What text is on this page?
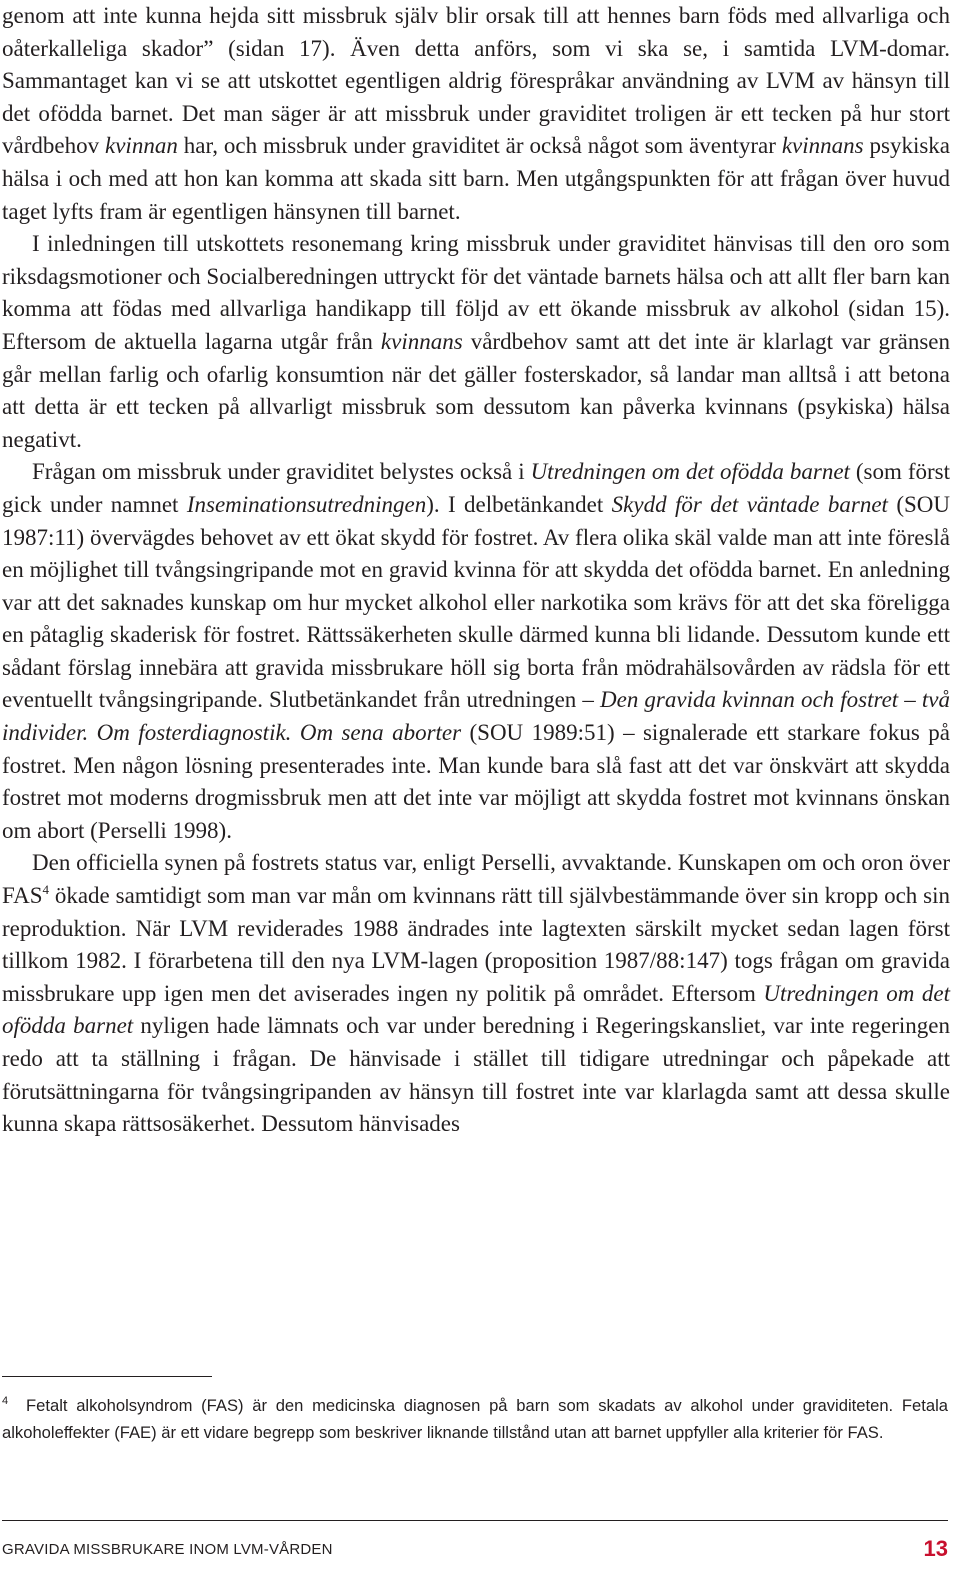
genom att inte kunna hejda sitt missbruk själv blir orsak till att hennes barn föds med allvarliga och oåterkalleliga skador” (sidan 17). Även detta anförs, som vi ska se, i samtida LVM-domar. Sammantaget kan vi se att utskottet egentligen aldrig förespråkar användning av LVM av hänsyn till det ofödda barnet. Det man säger är att missbruk under graviditet troligen är ett tecken på hur stort vårdbehov kvinnan har, och missbruk under graviditet är också något som äventyrar kvinnans psykiska hälsa i och med att hon kan komma att skada sitt barn. Men utgångspunkten för att frågan över huvud taget lyfts fram är egentligen hänsynen till barnet.

I inledningen till utskottets resonemang kring missbruk under graviditet hänvisas till den oro som riksdagsmotioner och Socialberedningen uttryckt för det väntade barnets hälsa och att allt fler barn kan komma att födas med allvarliga handikapp till följd av ett ökande missbruk av alkohol (sidan 15). Eftersom de aktuella lagarna utgår från kvinnans vårdbehov samt att det inte är klarlagt var gränsen går mellan farlig och ofarlig konsumtion när det gäller fosterskador, så landar man alltså i att betona att detta är ett tecken på allvarligt missbruk som dessutom kan påverka kvinnans (psykiska) hälsa negativt.

Frågan om missbruk under graviditet belystes också i Utredningen om det ofödda barnet (som först gick under namnet Inseminationsutredningen). I delbetänkandet Skydd för det väntade barnet (SOU 1987:11) övervägdes behovet av ett ökat skydd för fostret. Av flera olika skäl valde man att inte föreslå en möjlighet till tvångsingripande mot en gravid kvinna för att skydda det ofödda barnet. En anledning var att det saknades kunskap om hur mycket alkohol eller narkotika som krävs för att det ska föreligga en påtaglig skaderisk för fostret. Rättssäkerheten skulle därmed kunna bli lidande. Dessutom kunde ett sådant förslag innebära att gravida missbrukare höll sig borta från mödrahälsovården av rädsla för ett eventuellt tvångsingripande. Slutbetänkandet från utredningen – Den gravida kvinnan och fostret – två individer. Om fosterdiagnostik. Om sena aborter (SOU 1989:51) – signalerade ett starkare fokus på fostret. Men någon lösning presenterades inte. Man kunde bara slå fast att det var önskvärt att skydda fostret mot moderns drogmissbruk men att det inte var möjligt att skydda fostret mot kvinnans önskan om abort (Perselli 1998).

Den officiella synen på fostrets status var, enligt Perselli, avvaktande. Kunskapen om och oron över FAS$^4$ ökade samtidigt som man var mån om kvinnans rätt till självbestämmande över sin kropp och sin reproduktion. När LVM reviderades 1988 ändrades inte lagtexten särskilt mycket sedan lagen först tillkom 1982. I förarbetena till den nya LVM-lagen (proposition 1987/88:147) togs frågan om gravida missbrukare upp igen men det aviserades ingen ny politik på området. Eftersom Utredningen om det ofödda barnet nyligen hade lämnats och var under beredning i Regeringskansliet, var inte regeringen redo att ta ställning i frågan. De hänvisade i stället till tidigare utredningar och påpekade att förutsättningarna för tvångsingripanden av hänsyn till fostret inte var klarlagda samt att dessa skulle kunna skapa rättsosäkerhet. Dessutom hänvisades

4	Fetalt alkoholsyndrom (FAS) är den medicinska diagnosen på barn som skadats av alkohol under graviditeten. Fetala alkoholeffekter (FAE) är ett vidare begrepp som beskriver liknande tillstånd utan att barnet uppfyller alla kriterier för FAS.

GRAVIDA MISSBRUKARE INOM LVM-VÅRDEN	13
